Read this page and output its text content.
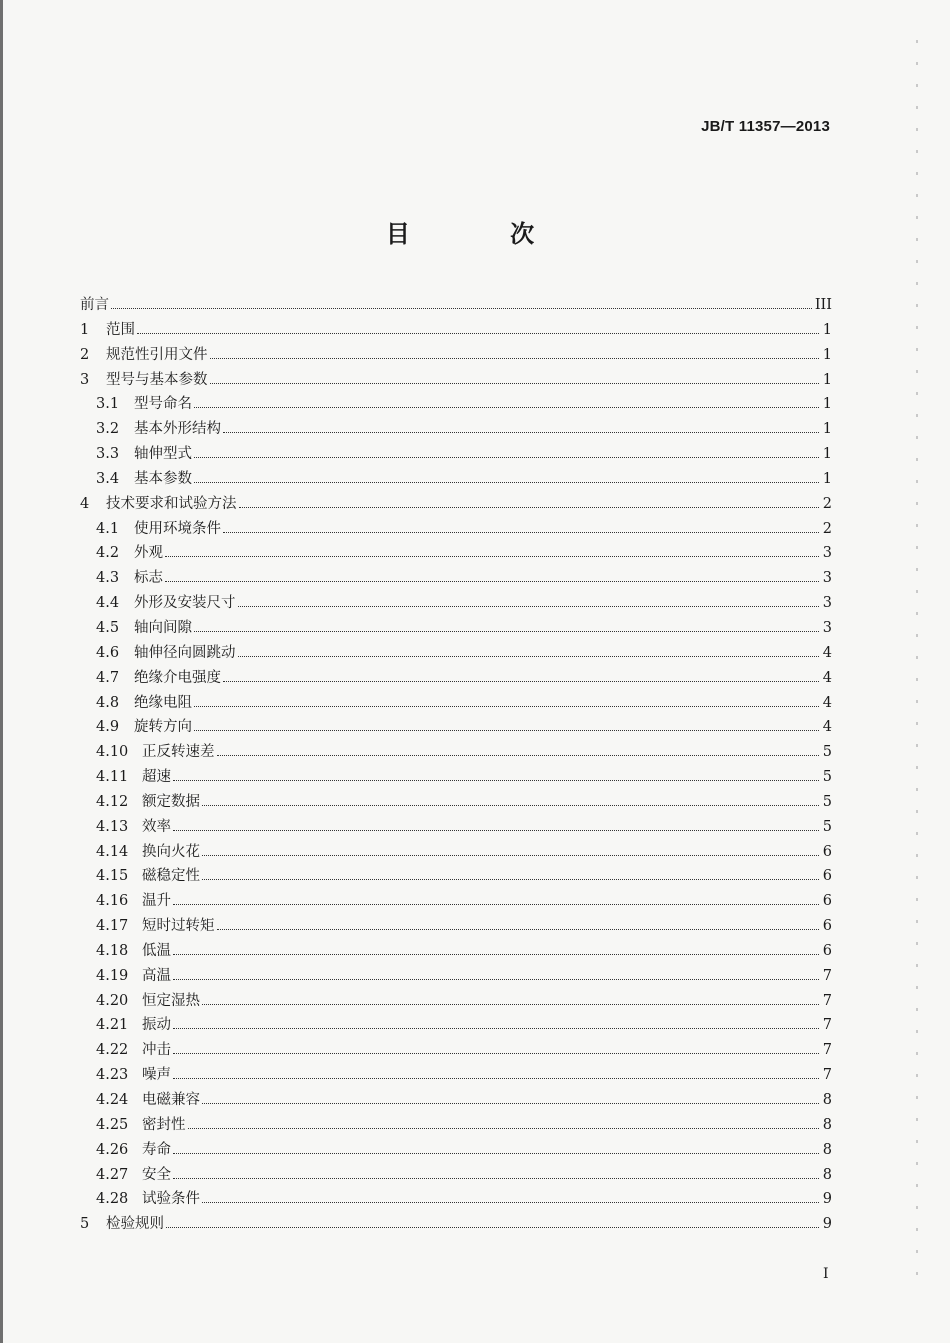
JB/T 11357—2013
目 次
前言	III
1	范围	1
2	规范性引用文件	1
3	型号与基本参数	1
3.1	型号命名	1
3.2	基本外形结构	1
3.3	轴伸型式	1
3.4	基本参数	1
4	技术要求和试验方法	2
4.1	使用环境条件	2
4.2	外观	3
4.3	标志	3
4.4	外形及安装尺寸	3
4.5	轴向间隙	3
4.6	轴伸径向圆跳动	4
4.7	绝缘介电强度	4
4.8	绝缘电阻	4
4.9	旋转方向	4
4.10 正反转速差	5
4.11 超速	5
4.12 额定数据	5
4.13 效率	5
4.14 换向火花	6
4.15 磁稳定性	6
4.16 温升	6
4.17 短时过转矩	6
4.18 低温	6
4.19 高温	7
4.20 恒定湿热	7
4.21 振动	7
4.22 冲击	7
4.23 噪声	7
4.24 电磁兼容	8
4.25 密封性	8
4.26 寿命	8
4.27 安全	8
4.28 试验条件	9
5	检验规则	9
I
